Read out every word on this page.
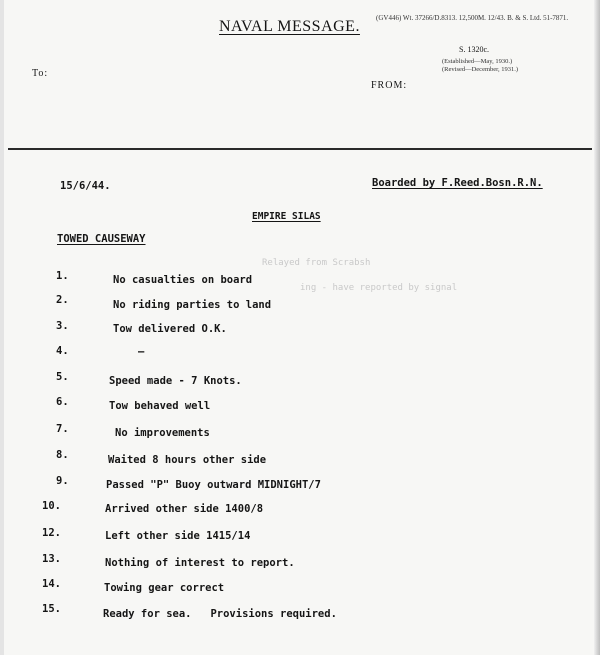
NAVAL MESSAGE. (GV446) Wt. 37266/D.8313. 12,500M. 12/43. B. & S. Ltd. 51-7871.
S. 1320c.
(Established—May, 1930.)
(Revised—December, 1931.)
To:
FROM:
Relayed from Scrabsh
ing - have reported by signal
15/6/44.	Boarded by F.Reed.Bosn.R.N.
EMPIRE SILAS
TOWED CAUSEWAY
1.	No casualties on board
2.	No riding parties to land
3.	Tow delivered O.K.
4.	—
5.	Speed made - 7 Knots.
6.	Tow behaved well
7.	No improvements
8.	Waited 8 hours other side
9.	Passed "P" Buoy outward MIDNIGHT/7
10.	Arrived other side 1400/8
12.	Left other side 1415/14
13.	Nothing of interest to report.
14.	Towing gear correct
15.	Ready for sea.   Provisions required.
